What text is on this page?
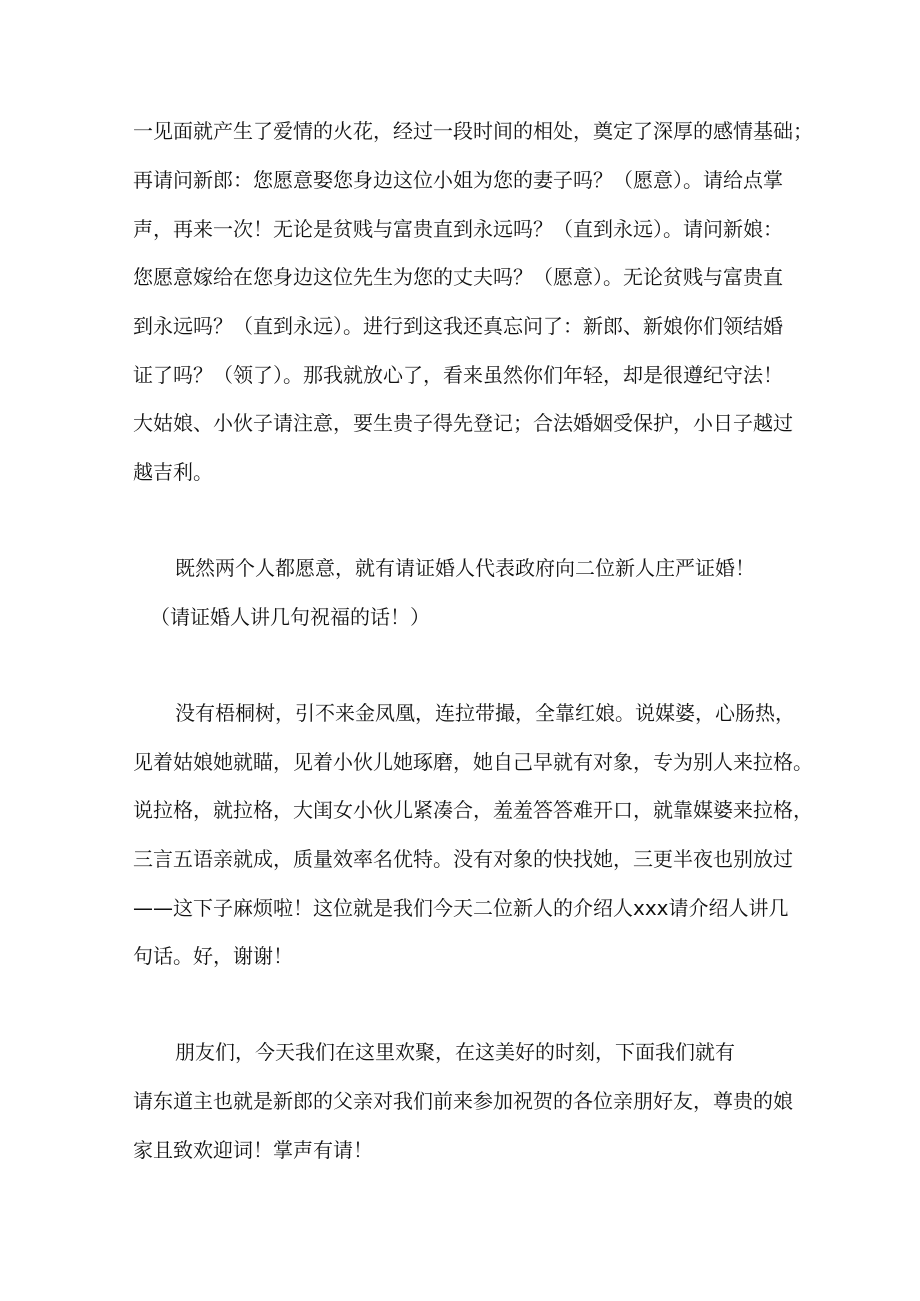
一见面就产生了爱情的火花，经过一段时间的相处，奠定了深厚的感情基础；
再请问新郎：您愿意娶您身边这位小姐为您的妻子吗？（愿意）。请给点掌
声，再来一次！无论是贫贱与富贵直到永远吗？（直到永远）。请问新娘：
您愿意嫁给在您身边这位先生为您的丈夫吗？（愿意）。无论贫贱与富贵直
到永远吗？（直到永远）。进行到这我还真忘问了：新郎、新娘你们领结婚
证了吗？（领了）。那我就放心了，看来虽然你们年轻，却是很遵纪守法！
大姑娘、小伙子请注意，要生贵子得先登记；合法婚姻受保护，小日子越过
越吉利。
既然两个人都愿意，就有请证婚人代表政府向二位新人庄严证婚！
（请证婚人讲几句祝福的话！）
没有梧桐树，引不来金凤凰，连拉带撮，全靠红娘。说媒婆，心肠热，
见着姑娘她就瞄，见着小伙儿她琢磨，她自己早就有对象，专为别人来拉格。
说拉格，就拉格，大闺女小伙儿紧凑合，羞羞答答难开口，就靠媒婆来拉格，
三言五语亲就成，质量效率名优特。没有对象的快找她，三更半夜也别放过
——这下子麻烦啦！这位就是我们今天二位新人的介绍人xxx请介绍人讲几
句话。好，谢谢！
朋友们，今天我们在这里欢聚，在这美好的时刻，下面我们就有
请东道主也就是新郎的父亲对我们前来参加祝贺的各位亲朋好友，尊贵的娘
家且致欢迎词！掌声有请！
